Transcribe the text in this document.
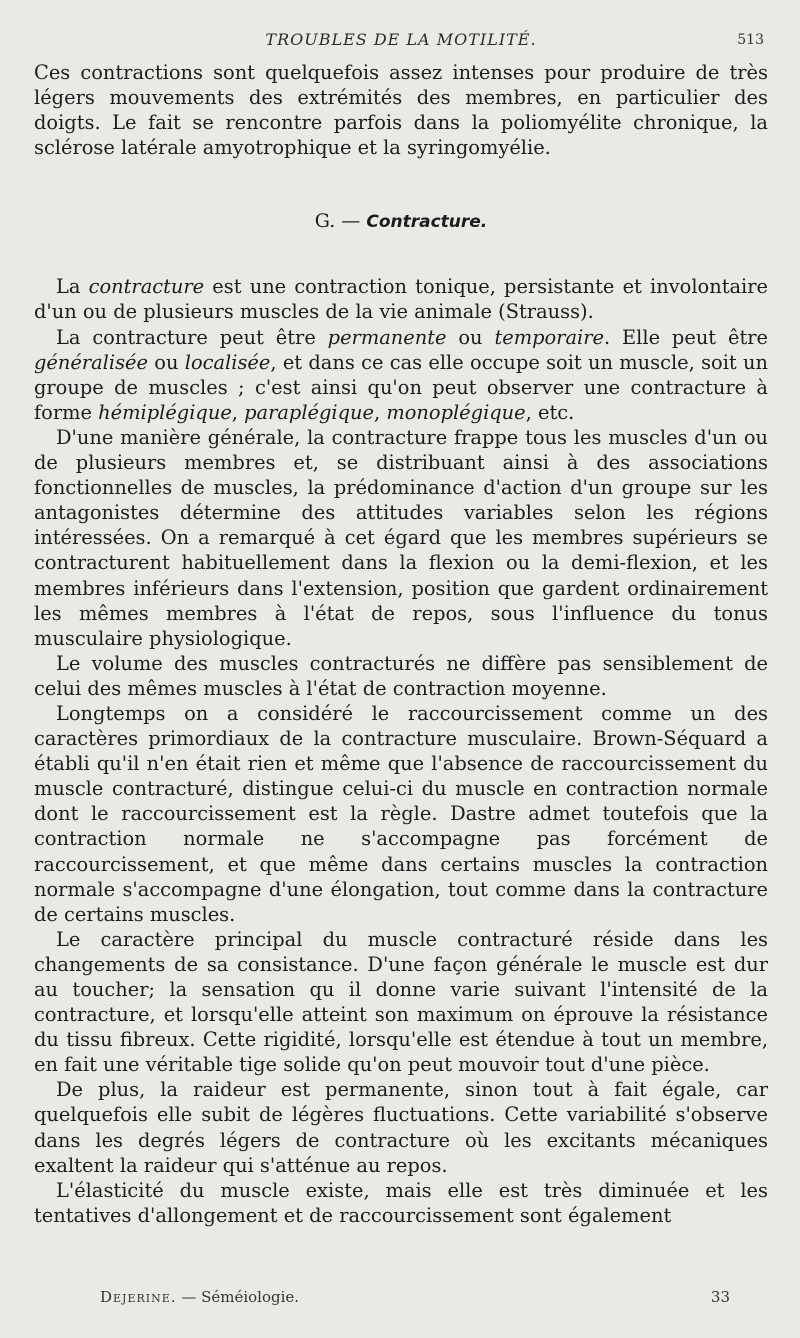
TROUBLES DE LA MOTILITÉ.	513

Ces contractions sont quelquefois assez intenses pour produire de très légers mouvements des extrémités des membres, en particulier des doigts. Le fait se rencontre parfois dans la poliomyélite chronique, la sclérose latérale amyotrophique et la syringomyélie.

G. — Contracture.

La contracture est une contraction tonique, persistante et involontaire d'un ou de plusieurs muscles de la vie animale (Strauss).

La contracture peut être permanente ou temporaire. Elle peut être généralisée ou localisée, et dans ce cas elle occupe soit un muscle, soit un groupe de muscles ; c'est ainsi qu'on peut observer une contracture à forme hémiplégique, paraplégique, monoplégique, etc.

D'une manière générale, la contracture frappe tous les muscles d'un ou de plusieurs membres et, se distribuant ainsi à des associations fonctionnelles de muscles, la prédominance d'action d'un groupe sur les antagonistes détermine des attitudes variables selon les régions intéressées. On a remarqué à cet égard que les membres supérieurs se contracturent habituellement dans la flexion ou la demi-flexion, et les membres inférieurs dans l'extension, position que gardent ordinairement les mêmes membres à l'état de repos, sous l'influence du tonus musculaire physiologique.

Le volume des muscles contracturés ne diffère pas sensiblement de celui des mêmes muscles à l'état de contraction moyenne.

Longtemps on a considéré le raccourcissement comme un des caractères primordiaux de la contracture musculaire. Brown-Séquard a établi qu'il n'en était rien et même que l'absence de raccourcissement du muscle contracturé, distingue celui-ci du muscle en contraction normale dont le raccourcissement est la règle. Dastre admet toutefois que la contraction normale ne s'accompagne pas forcément de raccourcissement, et que même dans certains muscles la contraction normale s'accompagne d'une élongation, tout comme dans la contracture de certains muscles.

Le caractère principal du muscle contracturé réside dans les changements de sa consistance. D'une façon générale le muscle est dur au toucher; la sensation qu il donne varie suivant l'intensité de la contracture, et lorsqu'elle atteint son maximum on éprouve la résistance du tissu fibreux. Cette rigidité, lorsqu'elle est étendue à tout un membre, en fait une véritable tige solide qu'on peut mouvoir tout d'une pièce.

De plus, la raideur est permanente, sinon tout à fait égale, car quelquefois elle subit de légères fluctuations. Cette variabilité s'observe dans les degrés légers de contracture où les excitants mécaniques exaltent la raideur qui s'atténue au repos.

L'élasticité du muscle existe, mais elle est très diminuée et les tentatives d'allongement et de raccourcissement sont également

Dejerine. — Séméiologie.	33
